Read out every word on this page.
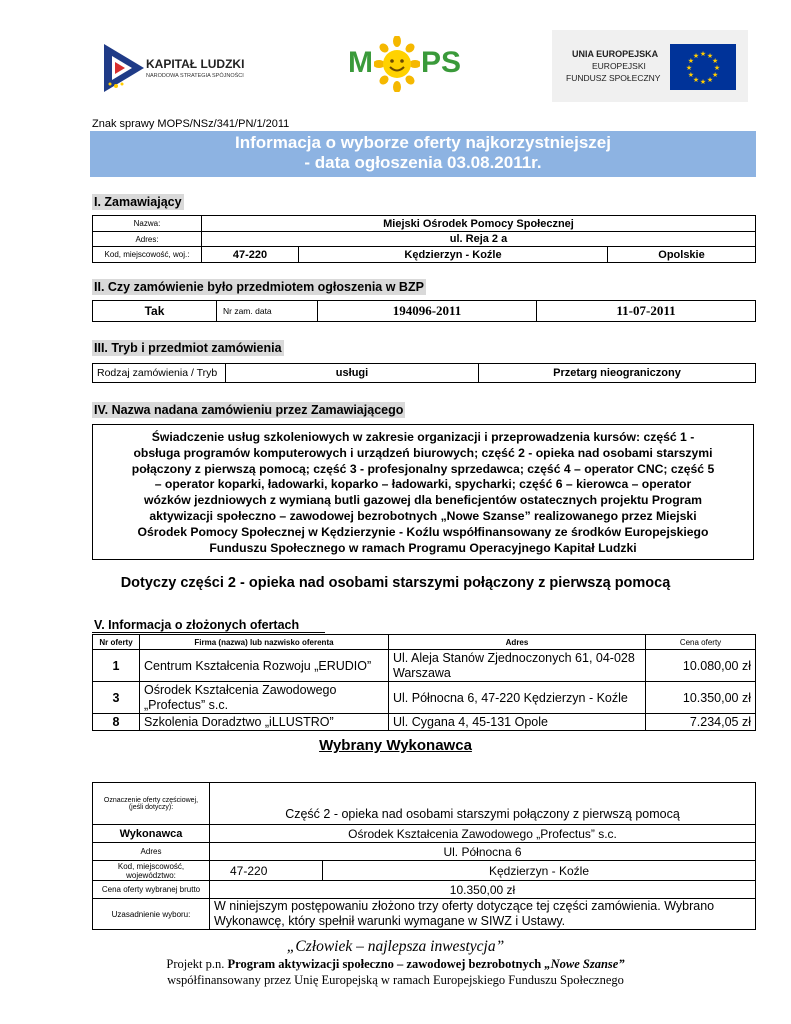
KAPITAŁ LUDZKI
NARODOWA STRATEGIA SPÓJNOŚCI	M PS	UNIA EUROPEJSKA
EUROPEJSKI
FUNDUSZ SPOŁECZNY
★
★
★
★
★
★
★
★
★ ★ ★
★
Znak sprawy MOPS/NSz/341/PN/1/2011
Informacja o wyborze oferty najkorzystniejszej
- data ogłoszenia 03.08.2011r.
I. Zamawiający
Nazwa:	Miejski Ośrodek Pomocy Społecznej		
Adres:	ul. Reja 2 a		
Kod, miejscowość, woj.:	47-220	Kędzierzyn - Koźle	Opolskie
II. Czy zamówienie było przedmiotem ogłoszenia w BZP
Tak	Nr zam. data	194096-2011	11-07-2011
III. Tryb i przedmiot zamówienia
Rodzaj zamówienia / Tryb	usługi	Przetarg nieograniczony
IV. Nazwa nadana zamówieniu przez Zamawiającego
Świadczenie usług szkoleniowych w zakresie organizacji i przeprowadzenia kursów: część 1 -
obsługa programów komputerowych i urządzeń biurowych; część 2 - opieka nad osobami starszymi
połączony z pierwszą pomocą; część 3 - profesjonalny sprzedawca; część 4 – operator CNC; część 5
– operator koparki, ładowarki, koparko – ładowarki, spycharki; część 6 – kierowca – operator
wózków jezdniowych z wymianą butli gazowej dla beneficjentów ostatecznych projektu Program
aktywizacji społeczno – zawodowej bezrobotnych „Nowe Szanse” realizowanego przez Miejski
Ośrodek Pomocy Społecznej w Kędzierzynie - Koźlu współfinansowany ze środków Europejskiego
Funduszu Społecznego w ramach Programu Operacyjnego Kapitał Ludzki
Dotyczy części 2 - opieka nad osobami starszymi połączony z pierwszą pomocą
V. Informacja o złożonych ofertach
Nr oferty	Firma (nazwa) lub nazwisko oferenta	Adres	Cena oferty
1	Centrum Kształcenia Rozwoju „ERUDIO”	Ul. Aleja Stanów Zjednoczonych 61, 04-028 Warszawa	10.080,00 zł
3	Ośrodek Kształcenia Zawodowego „Profectus” s.c.	Ul. Północna 6, 47-220 Kędzierzyn - Koźle	10.350,00 zł
8	Szkolenia Doradztwo „iLLUSTRO”	Ul. Cygana 4, 45-131 Opole	7.234,05 zł
Wybrany Wykonawca
Oznaczenie oferty częściowej, (jeśli dotyczy):	Część 2 - opieka nad osobami starszymi połączony z pierwszą pomocą	
Wykonawca	Ośrodek Kształcenia Zawodowego „Profectus” s.c.	
Adres	Ul. Północna 6	
Kod, miejscowość, województwo:	47-220	Kędzierzyn - Koźle
Cena oferty wybranej brutto	10.350,00 zł	
Uzasadnienie wyboru:	W niniejszym postępowaniu złożono trzy oferty dotyczące tej części zamówienia. Wybrano Wykonawcę, który spełnił warunki wymagane w SIWZ i Ustawy.	
„Człowiek – najlepsza inwestycja”
Projekt p.n. Program aktywizacji społeczno – zawodowej bezrobotnych „Nowe Szanse”
współfinansowany przez Unię Europejską w ramach Europejskiego Funduszu Społecznego
